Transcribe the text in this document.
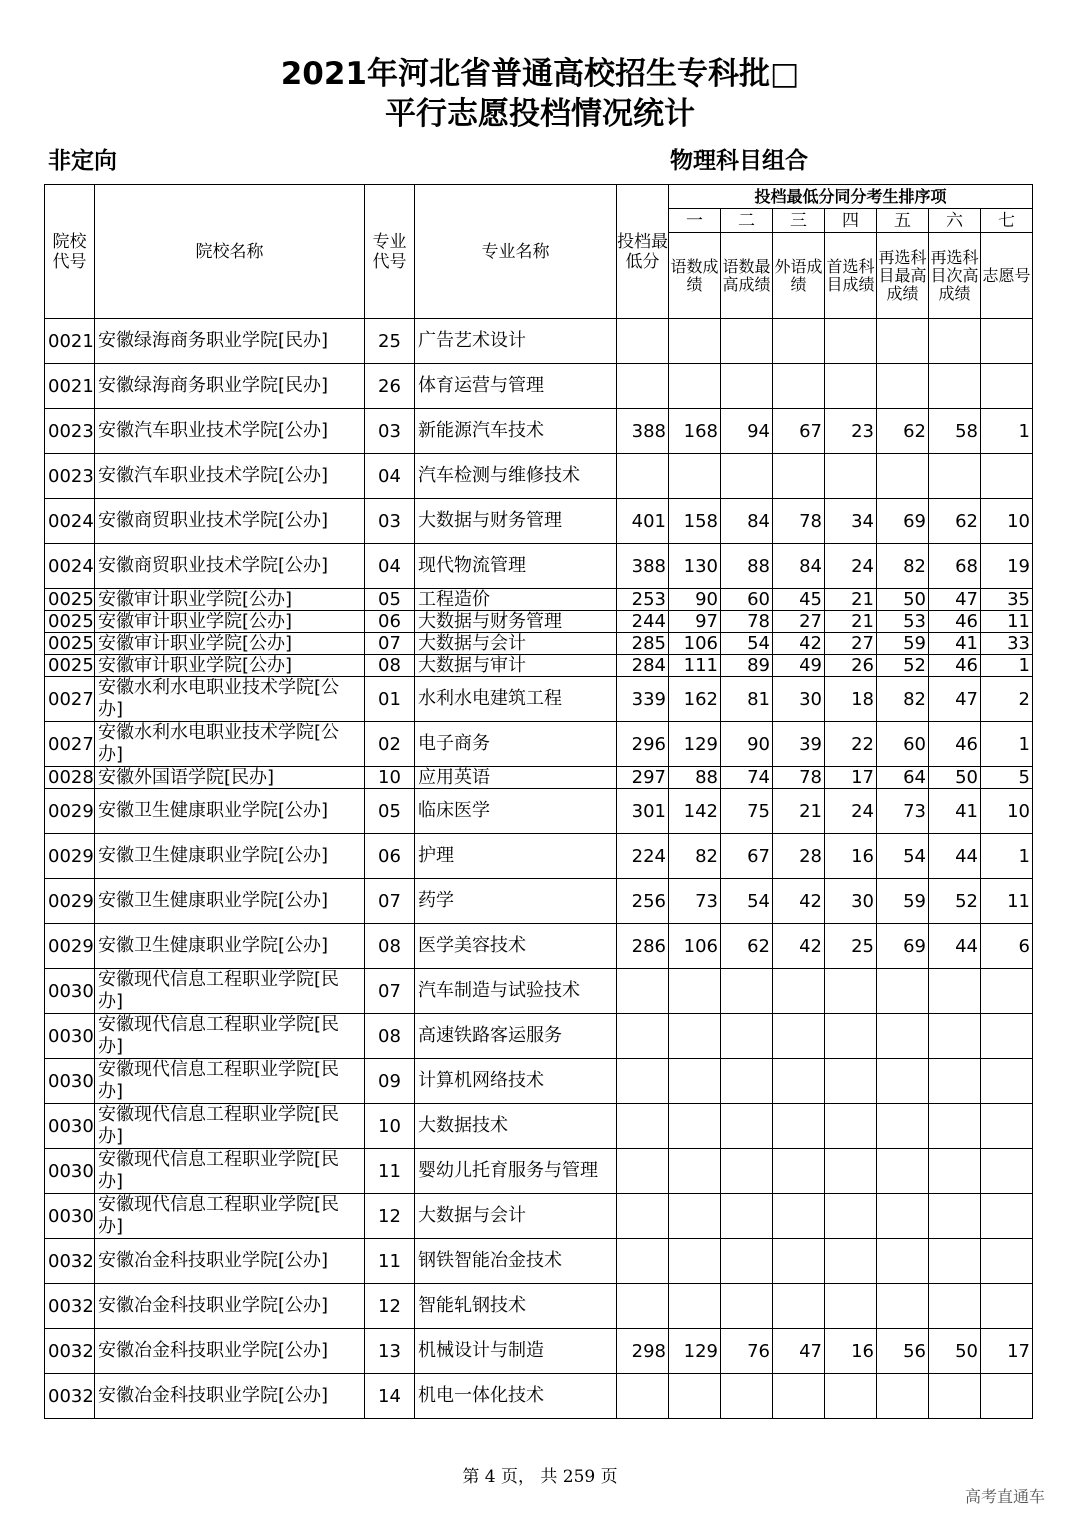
2021年河北省普通高校招生专科批□
平行志愿投档情况统计
非定向	物理科目组合
院校代号	院校名称	专业代号	专业名称	投档最低分	投档最低分同分考生排序项						
					一	二	三	四	五	六	七
					语数成绩	语数最高成绩	外语成绩	首选科目成绩	再选科目最高成绩	再选科目次高成绩	志愿号
0021	安徽绿海商务职业学院[民办]	25	广告艺术设计								
0021	安徽绿海商务职业学院[民办]	26	体育运营与管理								
0023	安徽汽车职业技术学院[公办]	03	新能源汽车技术	388	168	94	67	23	62	58	1
0023	安徽汽车职业技术学院[公办]	04	汽车检测与维修技术								
0024	安徽商贸职业技术学院[公办]	03	大数据与财务管理	401	158	84	78	34	69	62	10
0024	安徽商贸职业技术学院[公办]	04	现代物流管理	388	130	88	84	24	82	68	19
0025	安徽审计职业学院[公办]	05	工程造价	253	90	60	45	21	50	47	35
0025	安徽审计职业学院[公办]	06	大数据与财务管理	244	97	78	27	21	53	46	11
0025	安徽审计职业学院[公办]	07	大数据与会计	285	106	54	42	27	59	41	33
0025	安徽审计职业学院[公办]	08	大数据与审计	284	111	89	49	26	52	46	1
0027	安徽水利水电职业技术学院[公办]	01	水利水电建筑工程	339	162	81	30	18	82	47	2
0027	安徽水利水电职业技术学院[公办]	02	电子商务	296	129	90	39	22	60	46	1
0028	安徽外国语学院[民办]	10	应用英语	297	88	74	78	17	64	50	5
0029	安徽卫生健康职业学院[公办]	05	临床医学	301	142	75	21	24	73	41	10
0029	安徽卫生健康职业学院[公办]	06	护理	224	82	67	28	16	54	44	1
0029	安徽卫生健康职业学院[公办]	07	药学	256	73	54	42	30	59	52	11
0029	安徽卫生健康职业学院[公办]	08	医学美容技术	286	106	62	42	25	69	44	6
0030	安徽现代信息工程职业学院[民办]	07	汽车制造与试验技术								
0030	安徽现代信息工程职业学院[民办]	08	高速铁路客运服务								
0030	安徽现代信息工程职业学院[民办]	09	计算机网络技术								
0030	安徽现代信息工程职业学院[民办]	10	大数据技术								
0030	安徽现代信息工程职业学院[民办]	11	婴幼儿托育服务与管理								
0030	安徽现代信息工程职业学院[民办]	12	大数据与会计								
0032	安徽冶金科技职业学院[公办]	11	钢铁智能冶金技术								
0032	安徽冶金科技职业学院[公办]	12	智能轧钢技术								
0032	安徽冶金科技职业学院[公办]	13	机械设计与制造	298	129	76	47	16	56	50	17
0032	安徽冶金科技职业学院[公办]	14	机电一体化技术								
第 4 页， 共 259 页
高考直通车
